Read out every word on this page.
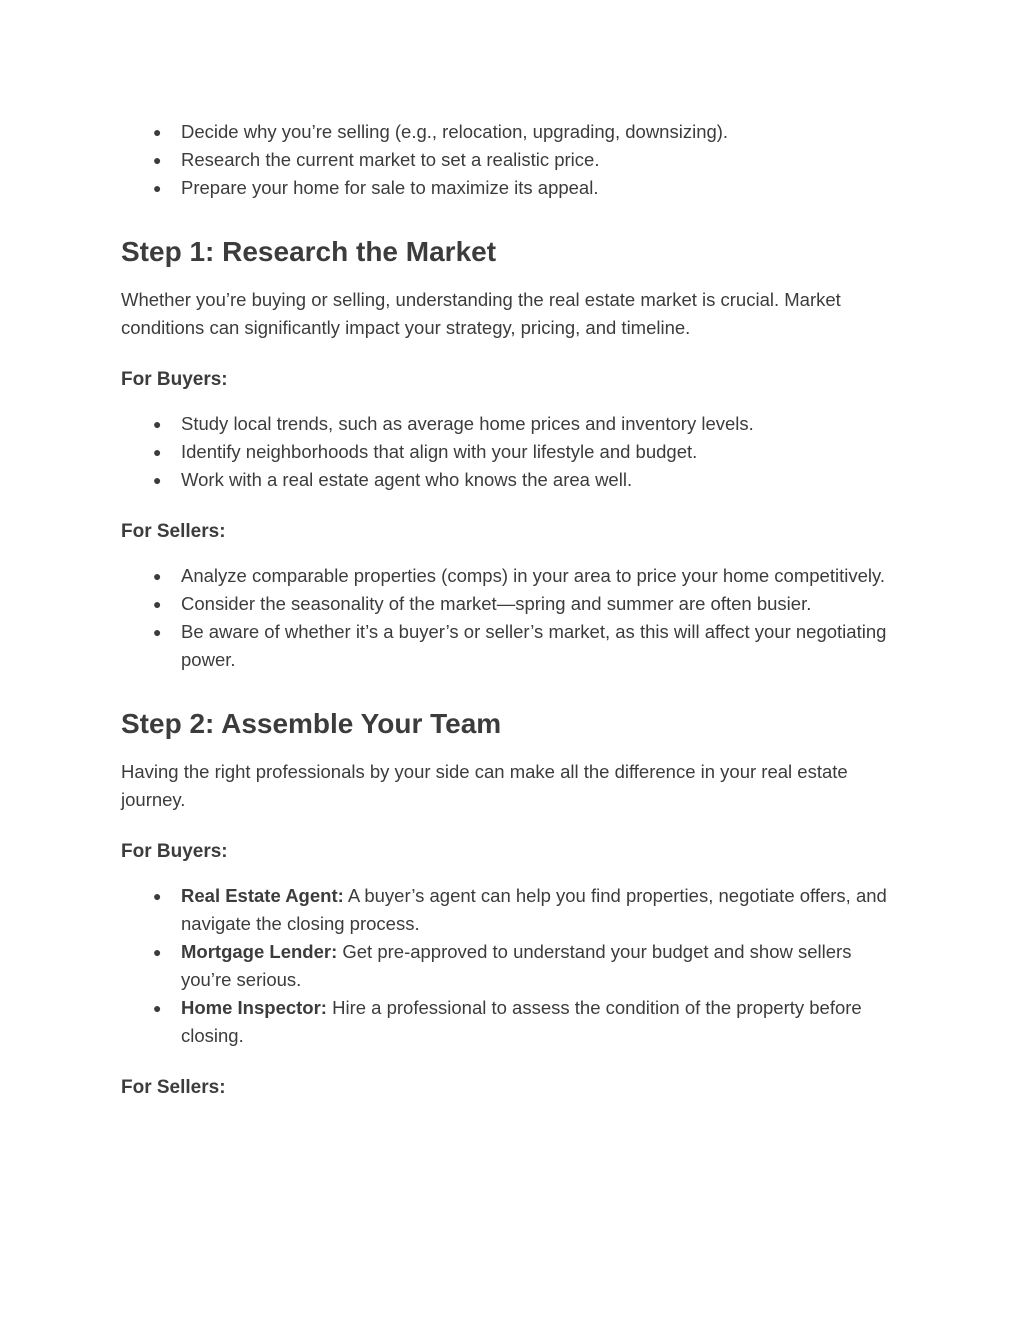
● Decide why you’re selling (e.g., relocation, upgrading, downsizing).
● Research the current market to set a realistic price.
● Prepare your home for sale to maximize its appeal.
Step 1: Research the Market

Whether you’re buying or selling, understanding the real estate market is crucial. Market conditions can significantly impact your strategy, pricing, and timeline.

For Buyers:
● Study local trends, such as average home prices and inventory levels.
● Identify neighborhoods that align with your lifestyle and budget.
● Work with a real estate agent who knows the area well.
For Sellers:
● Analyze comparable properties (comps) in your area to price your home competitively.
● Consider the seasonality of the market—spring and summer are often busier.
● Be aware of whether it’s a buyer’s or seller’s market, as this will affect your negotiating power.
Step 2: Assemble Your Team

Having the right professionals by your side can make all the difference in your real estate journey.

For Buyers:
● Real Estate Agent: A buyer’s agent can help you find properties, negotiate offers, and navigate the closing process.
● Mortgage Lender: Get pre-approved to understand your budget and show sellers you’re serious.
● Home Inspector: Hire a professional to assess the condition of the property before closing.
For Sellers:
